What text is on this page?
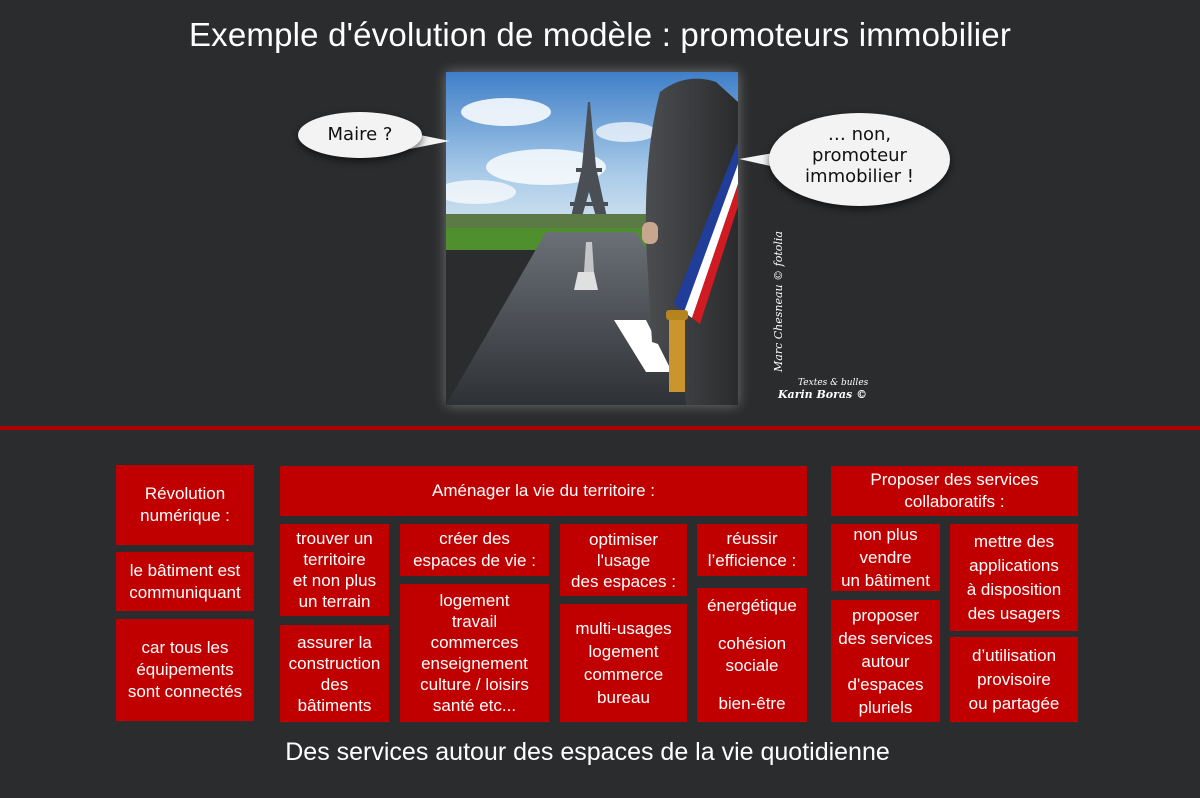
Exemple d'évolution de modèle : promoteurs immobilier
Maire ?	… non,
promoteur
immobilier !
Marc Chesneau © fotolia
Textes & bulles
Karin Boras ©
Révolution
numérique :
le bâtiment est
communiquant
car tous les
équipements
sont connectés
Aménager la vie du territoire :
trouver un
territoire
et non plus
un terrain
assurer la
construction
des
bâtiments
créer des
espaces de vie :
logement
travail
commerces
enseignement
culture / loisirs
santé etc...
optimiser
l'usage
des espaces :
multi-usages
logement
commerce
bureau
réussir
l’efficience :
énergétique
cohésion
sociale
bien-être
Proposer des services
collaboratifs :
non plus
vendre
un bâtiment
proposer
des services
autour
d'espaces
pluriels
mettre des
applications
à disposition
des usagers
d’utilisation
provisoire
ou partagée
Des services autour des espaces de la vie quotidienne
